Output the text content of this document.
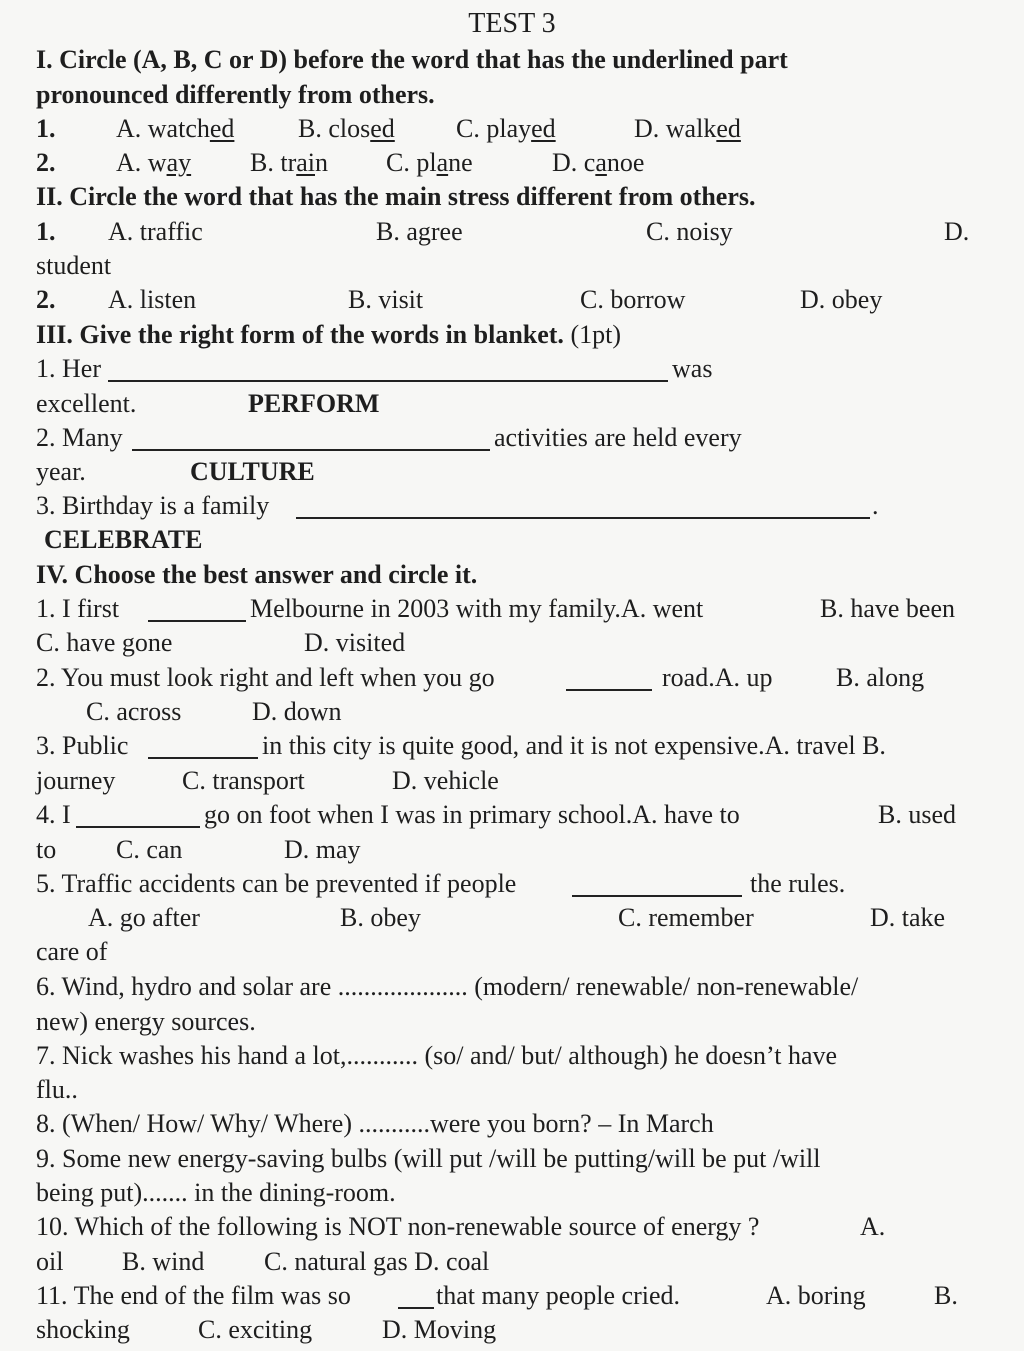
TEST 3
I. Circle (A, B, C or D) before the word that has the underlined part
pronounced differently from others.
1. A. watched B. closed C. played	D. walked
2. A. way B. train C. plane	D. canoe
II. Circle the word that has the main stress different from others.
1. A. traffic	B. agree	C. noisy	D.
student
2. A. listen	B. visit	C. borrow	D. obey
III. Give the right form of the words in blanket. (1pt)
1. Her	was
excellent.	PERFORM
2. Many	activities are held every
year.	CULTURE
3. Birthday is a family	.
CELEBRATE
IV. Choose the best answer and circle it.
1. I first	Melbourne in 2003 with my family.A. went	B. have been
C. have gone	D. visited
2. You must look right and left when you go	road.A. up B. along
C. across	D. down
3. Public	in this city is quite good, and it is not expensive.A. travel B.
journey	C. transport	D. vehicle
4. I	go on foot when I was in primary school.A. have to	B. used
to C. can	D. may
5. Traffic accidents can be prevented if people	the rules.
A. go after	B. obey	C. remember	D. take
care of
6. Wind, hydro and solar are .................... (modern/ renewable/ non-renewable/
new) energy sources.
7. Nick washes his hand a lot,........... (so/ and/ but/ although) he doesn’t have
flu..
8. (When/ How/ Why/ Where) ...........were you born? – In March
9. Some new energy-saving bulbs (will put /will be putting/will be put /will
being put)....... in the dining-room.
10. Which of the following is NOT non-renewable source of energy ?	A.
oil B. wind C. natural gas D. coal
11. The end of the film was so	that many people cried.	A. boring	B.
shocking	C. exciting	D. Moving
